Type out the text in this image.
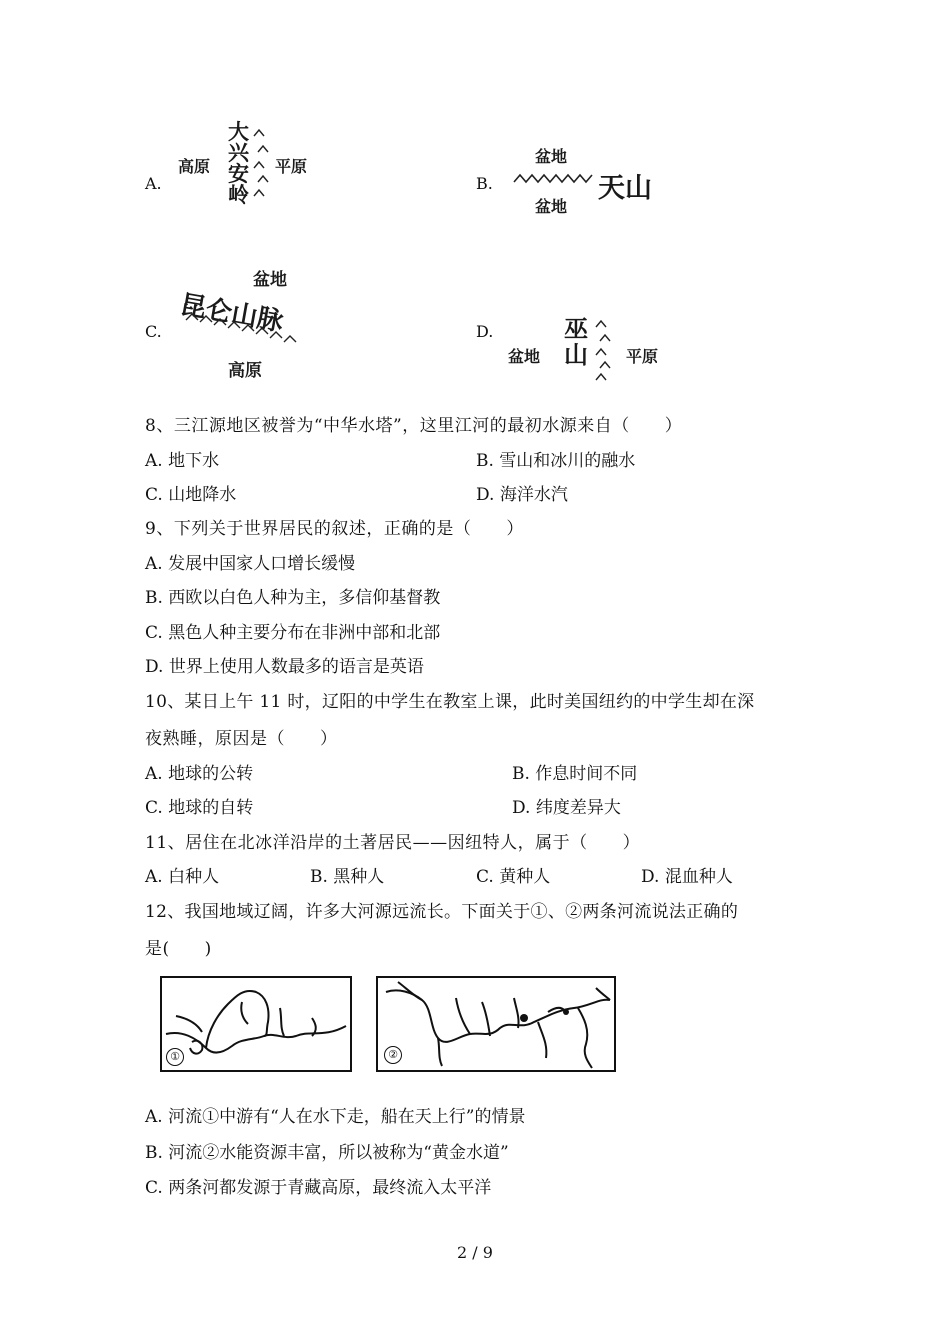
A.
高原
大兴安岭
平原
B.
盆地
天山
盆地
C.
盆地
昆仑山脉
高原
D.
盆地
巫山 平原
8、三江源地区被誉为“中华水塔”，这里江河的最初水源来自（　　）
A. 地下水	B. 雪山和冰川的融水
C. 山地降水	D. 海洋水汽
9、下列关于世界居民的叙述，正确的是（　　）
A. 发展中国家人口增长缓慢
B. 西欧以白色人种为主，多信仰基督教
C. 黑色人种主要分布在非洲中部和北部
D. 世界上使用人数最多的语言是英语
10、某日上午 11 时，辽阳的中学生在教室上课，此时美国纽约的中学生却在深
夜熟睡，原因是（　　）
A. 地球的公转	B. 作息时间不同
C. 地球的自转	D. 纬度差异大
11、居住在北冰洋沿岸的土著居民——因纽特人，属于（　　）
A. 白种人	B. 黑种人	C. 黄种人	D. 混血种人
12、我国地域辽阔，许多大河源远流长。下面关于①、②两条河流说法正确的
是(　　)
①	②
A. 河流①中游有“人在水下走，船在天上行”的情景
B. 河流②水能资源丰富，所以被称为“黄金水道”
C. 两条河都发源于青藏高原，最终流入太平洋
2 / 9
